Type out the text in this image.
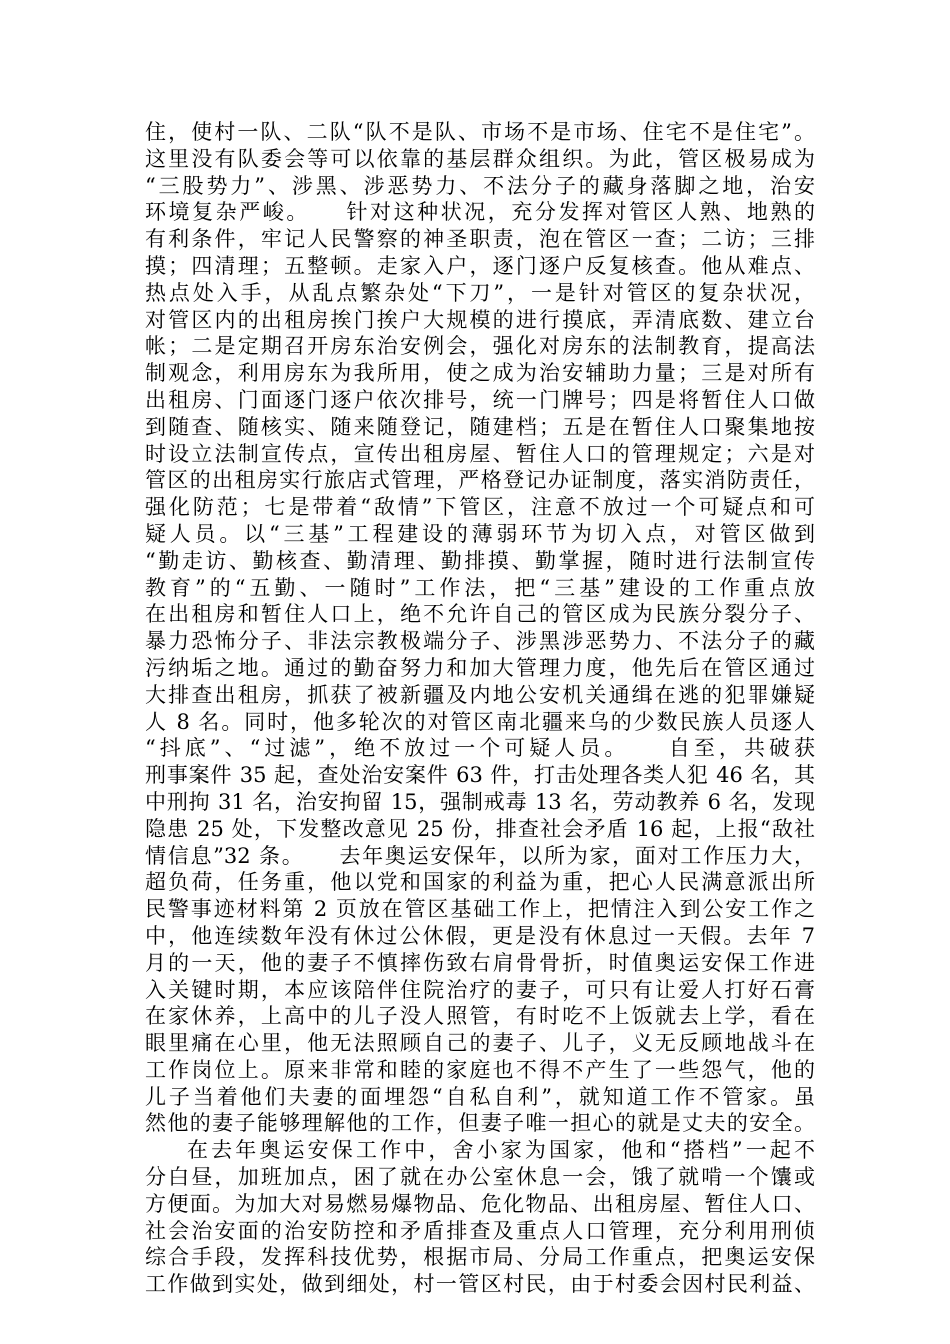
住，使村一队、二队“队不是队、市场不是市场、住宅不是住宅”。
这里没有队委会等可以依靠的基层群众组织。为此，管区极易成为
“三股势力”、涉黑、涉恶势力、不法分子的藏身落脚之地，治安
环境复杂严峻。　　针对这种状况，充分发挥对管区人熟、地熟的
有利条件，牢记人民警察的神圣职责，泡在管区一查；二访；三排
摸；四清理；五整顿。走家入户，逐门逐户反复核查。他从难点、
热点处入手，从乱点繁杂处“下刀”，一是针对管区的复杂状况，
对管区内的出租房挨门挨户大规模的进行摸底，弄清底数、建立台
帐；二是定期召开房东治安例会，强化对房东的法制教育，提高法
制观念，利用房东为我所用，使之成为治安辅助力量；三是对所有
出租房、门面逐门逐户依次排号，统一门牌号；四是将暂住人口做
到随查、随核实、随来随登记，随建档；五是在暂住人口聚集地按
时设立法制宣传点，宣传出租房屋、暂住人口的管理规定；六是对
管区的出租房实行旅店式管理，严格登记办证制度，落实消防责任，
强化防范；七是带着“敌情”下管区，注意不放过一个可疑点和可
疑人员。以“三基”工程建设的薄弱环节为切入点，对管区做到
“勤走访、勤核查、勤清理、勤排摸、勤掌握，随时进行法制宣传
教育”的“五勤、一随时”工作法，把“三基”建设的工作重点放
在出租房和暂住人口上，绝不允许自己的管区成为民族分裂分子、
暴力恐怖分子、非法宗教极端分子、涉黑涉恶势力、不法分子的藏
污纳垢之地。通过的勤奋努力和加大管理力度，他先后在管区通过
大排查出租房，抓获了被新疆及内地公安机关通缉在逃的犯罪嫌疑
人 8 名。同时，他多轮次的对管区南北疆来乌的少数民族人员逐人
“抖底”、“过滤”，绝不放过一个可疑人员。　　自至，共破获
刑事案件 35 起，查处治安案件 63 件，打击处理各类人犯 46 名，其
中刑拘 31 名，治安拘留 15，强制戒毒 13 名，劳动教养 6 名，发现
隐患 25 处，下发整改意见 25 份，排查社会矛盾 16 起，上报“敌社
情信息”32 条。　　去年奥运安保年，以所为家，面对工作压力大，
超负荷，任务重，他以党和国家的利益为重，把心人民满意派出所
民警事迹材料第 2 页放在管区基础工作上，把情注入到公安工作之
中，他连续数年没有休过公休假，更是没有休息过一天假。去年 7
月的一天，他的妻子不慎摔伤致右肩骨骨折，时值奥运安保工作进
入关键时期，本应该陪伴住院治疗的妻子，可只有让爱人打好石膏
在家休养，上高中的儿子没人照管，有时吃不上饭就去上学，看在
眼里痛在心里，他无法照顾自己的妻子、儿子，义无反顾地战斗在
工作岗位上。原来非常和睦的家庭也不得不产生了一些怨气，他的
儿子当着他们夫妻的面埋怨“自私自利”，就知道工作不管家。虽
然他的妻子能够理解他的工作，但妻子唯一担心的就是丈夫的安全。
在去年奥运安保工作中，舍小家为国家，他和“搭档”一起不
分白昼，加班加点，困了就在办公室休息一会，饿了就啃一个馕或
方便面。为加大对易燃易爆物品、危化物品、出租房屋、暂住人口、
社会治安面的治安防控和矛盾排查及重点人口管理，充分利用刑侦
综合手段，发挥科技优势，根据市局、分局工作重点，把奥运安保
工作做到实处，做到细处，村一管区村民，由于村委会因村民利益、
